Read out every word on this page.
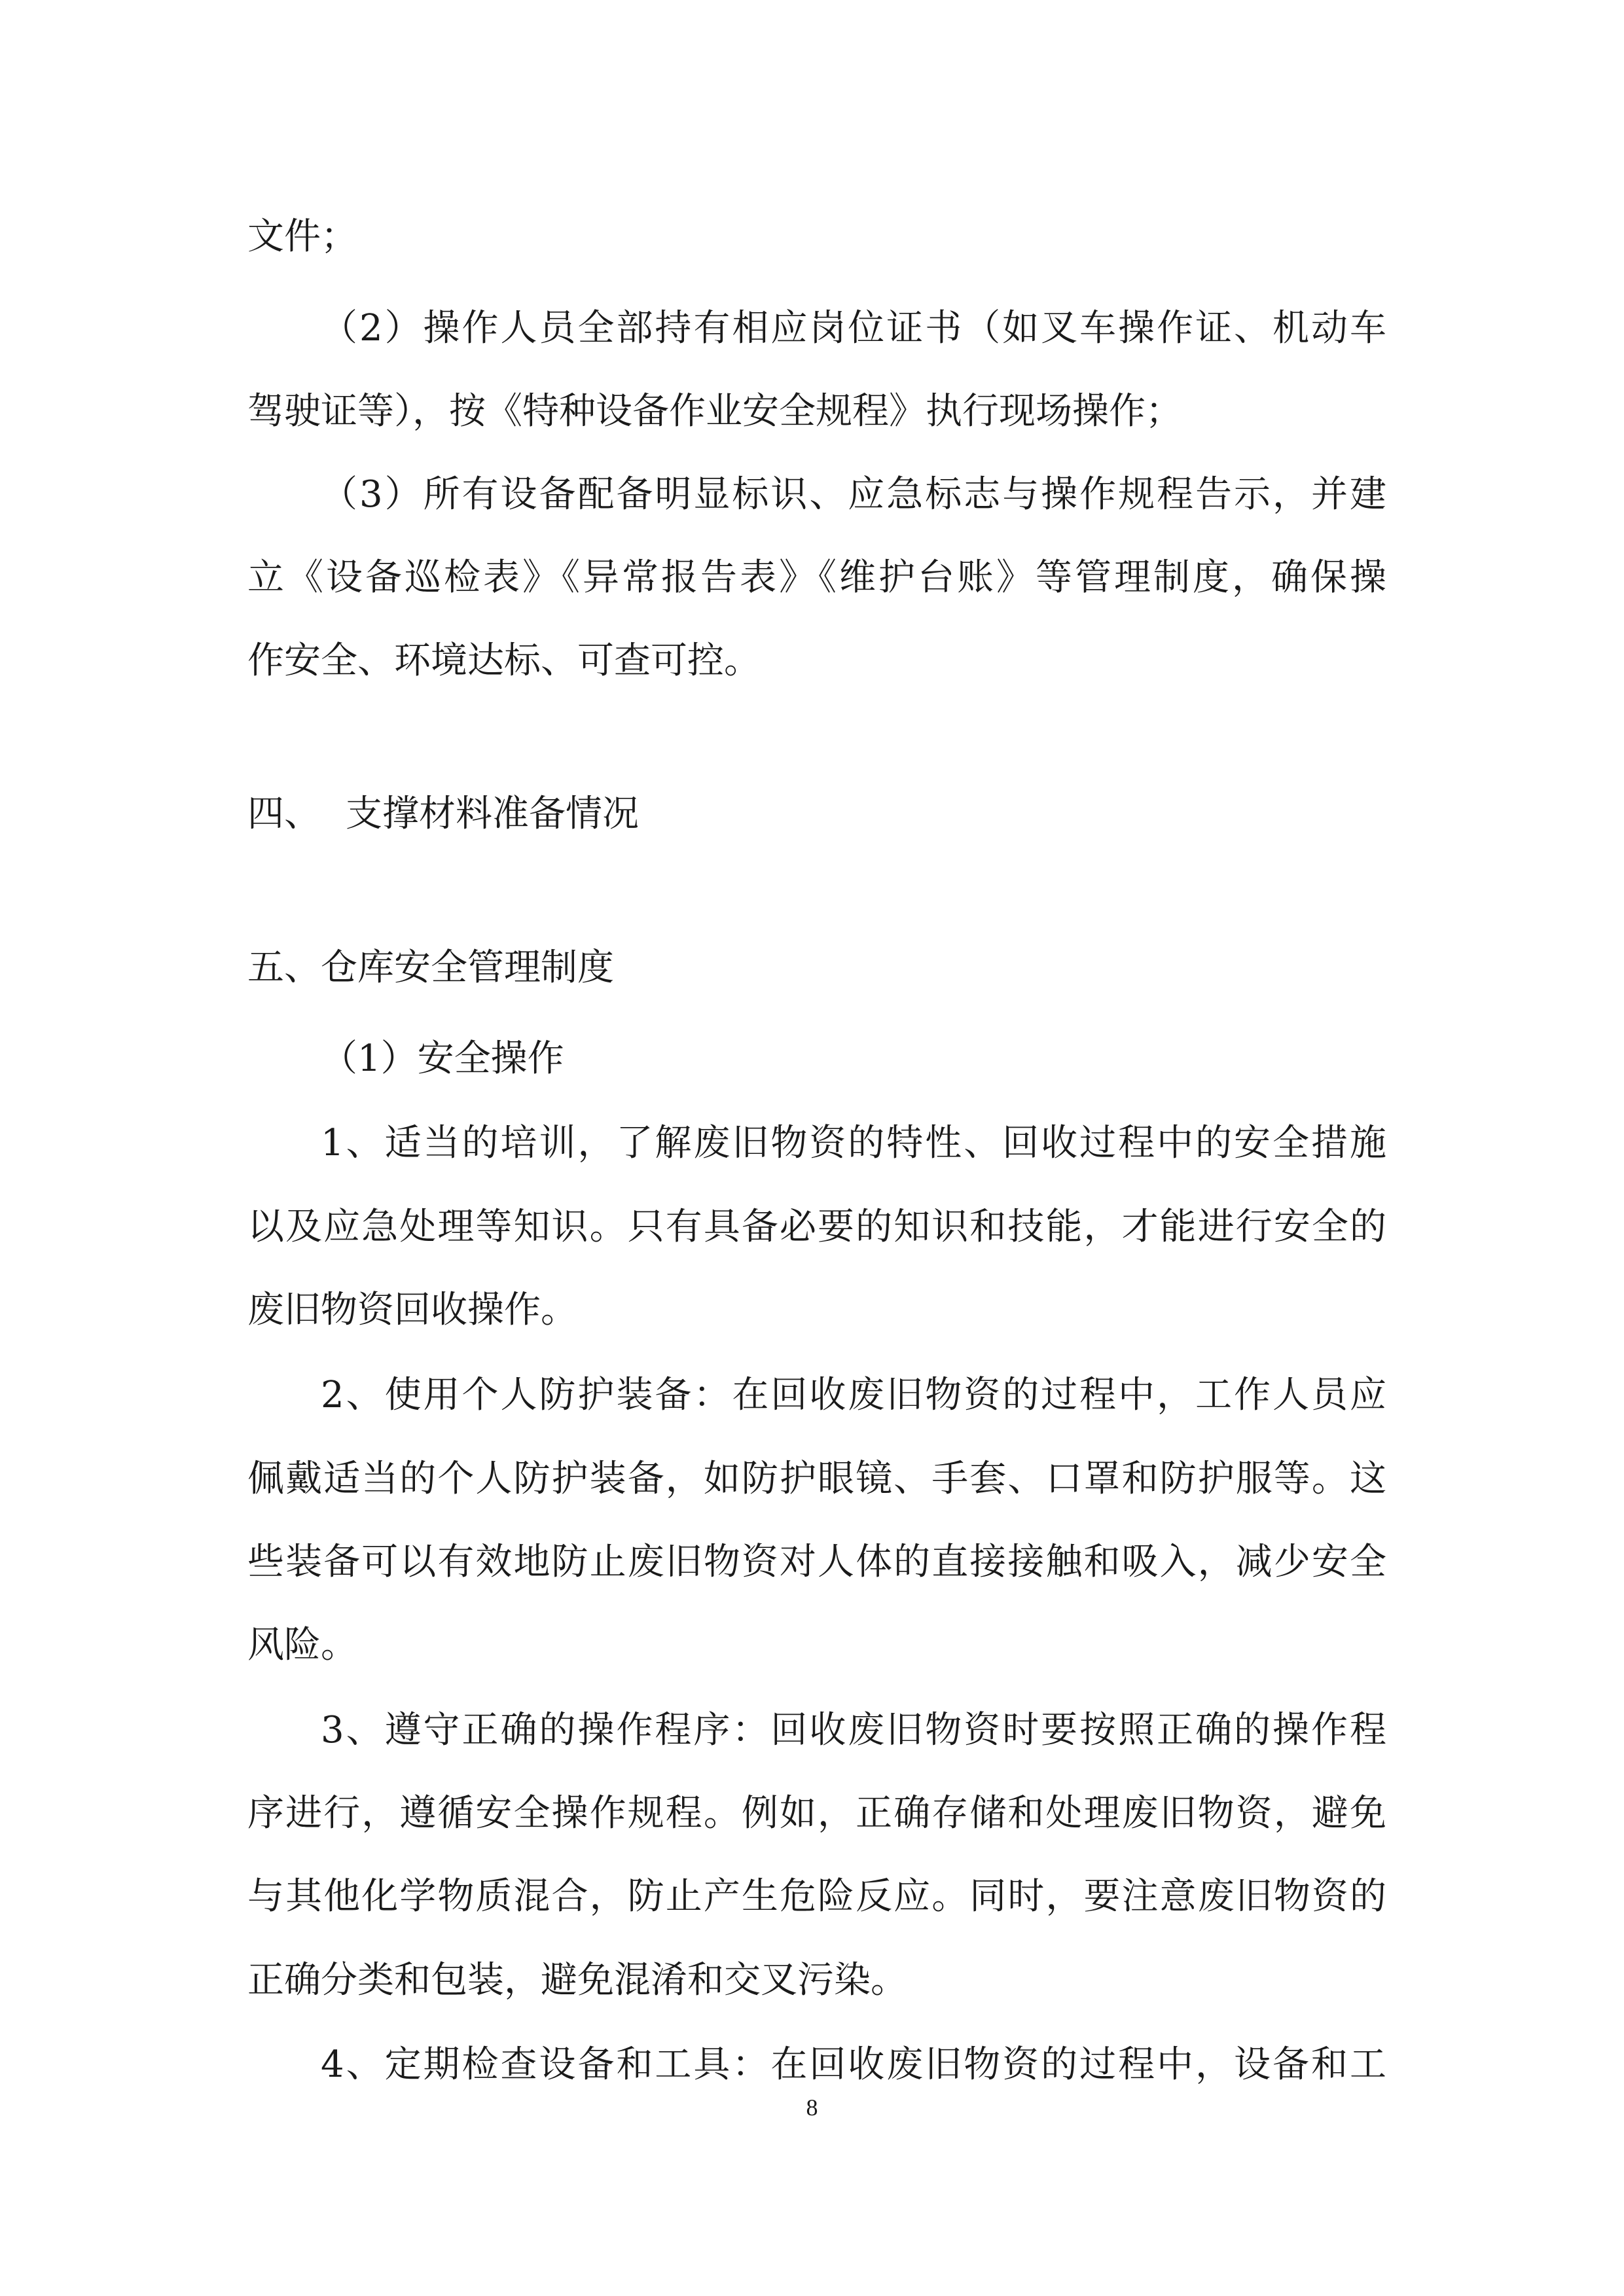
文件；
（2）操作人员全部持有相应岗位证书（如叉车操作证、机动车
驾驶证等），按《特种设备作业安全规程》执行现场操作；
（3）所有设备配备明显标识、应急标志与操作规程告示，并建
立《设备巡检表》《异常报告表》《维护台账》等管理制度，确保操
作安全、环境达标、可查可控。
四、 支撑材料准备情况
五、仓库安全管理制度
（1）安全操作
1、适当的培训，了解废旧物资的特性、回收过程中的安全措施
以及应急处理等知识。只有具备必要的知识和技能，才能进行安全的
废旧物资回收操作。
2、使用个人防护装备：在回收废旧物资的过程中，工作人员应
佩戴适当的个人防护装备，如防护眼镜、手套、口罩和防护服等。这
些装备可以有效地防止废旧物资对人体的直接接触和吸入，减少安全
风险。
3、遵守正确的操作程序：回收废旧物资时要按照正确的操作程
序进行，遵循安全操作规程。例如，正确存储和处理废旧物资，避免
与其他化学物质混合，防止产生危险反应。同时，要注意废旧物资的
正确分类和包装，避免混淆和交叉污染。
4、定期检查设备和工具：在回收废旧物资的过程中，设备和工
8
